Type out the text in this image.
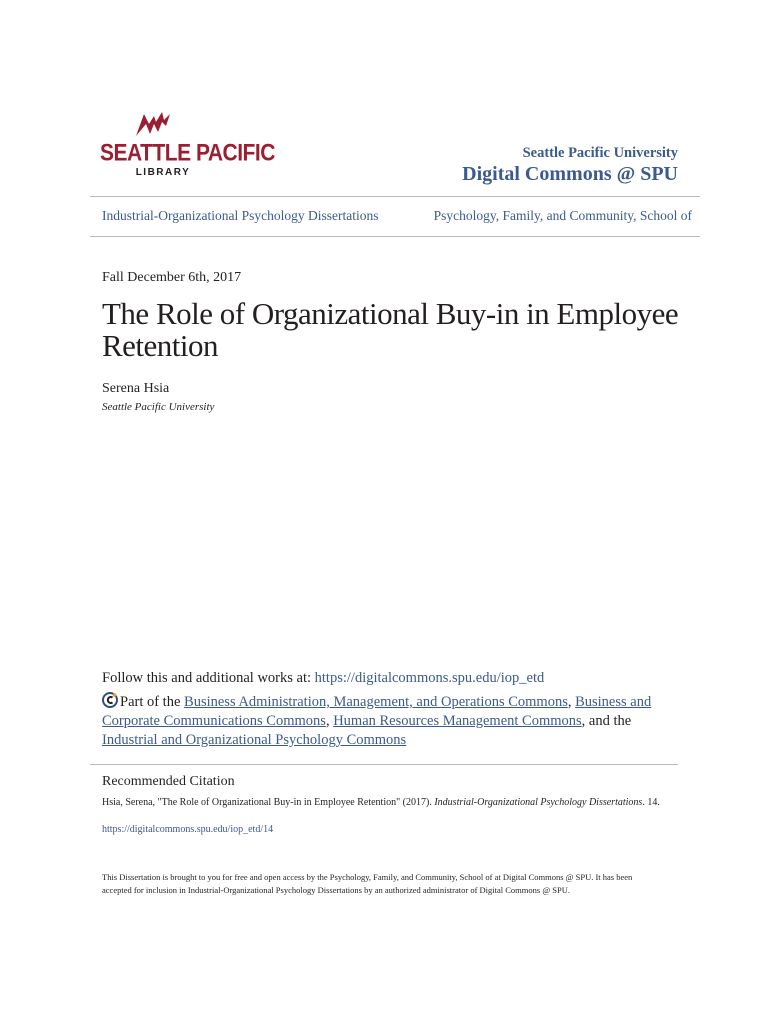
SEATTLE PACIFIC
LIBRARY
Seattle Pacific University
Digital Commons @ SPU
Industrial-Organizational Psychology Dissertations	Psychology, Family, and Community, School of
Fall December 6th, 2017
The Role of Organizational Buy-in in Employee Retention
Serena Hsia
Seattle Pacific University
Follow this and additional works at: https://digitalcommons.spu.edu/iop_etd
Part of the Business Administration, Management, and Operations Commons, Business and Corporate Communications Commons, Human Resources Management Commons, and the Industrial and Organizational Psychology Commons
Recommended Citation
Hsia, Serena, "The Role of Organizational Buy-in in Employee Retention" (2017). Industrial-Organizational Psychology Dissertations. 14.
https://digitalcommons.spu.edu/iop_etd/14
This Dissertation is brought to you for free and open access by the Psychology, Family, and Community, School of at Digital Commons @ SPU. It has been accepted for inclusion in Industrial-Organizational Psychology Dissertations by an authorized administrator of Digital Commons @ SPU.
